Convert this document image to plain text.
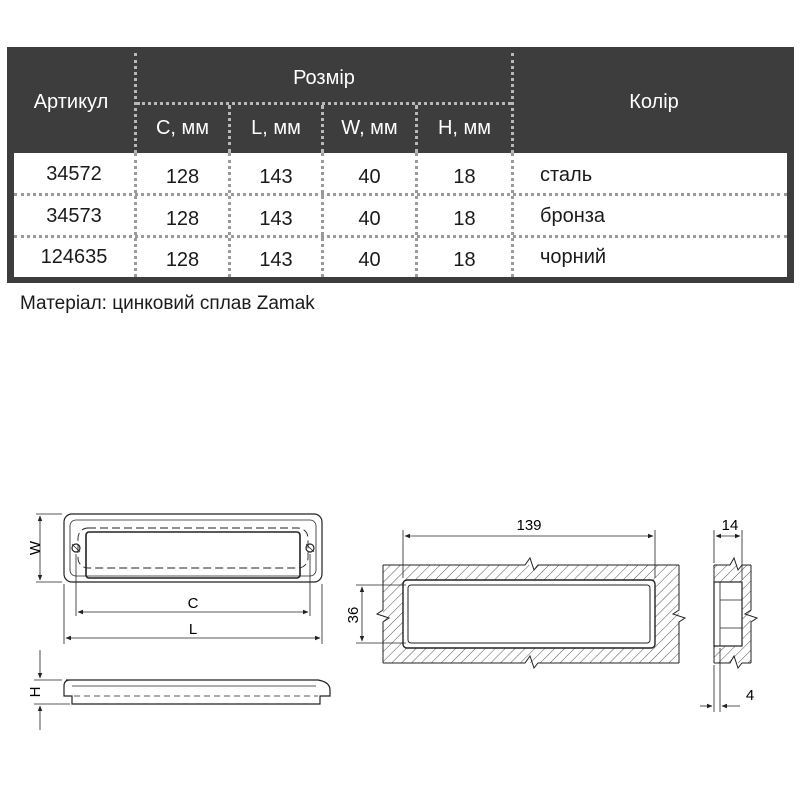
Артикул
Розмір
Колір
C, мм	L, мм	W, мм	H, мм
34572	128	143	40	18	сталь
34573	128	143	40	18	бронза
124635	128	143	40	18	чорний
Матеріал: цинковий сплав Zamak
W
C
L
H
139
36
14
4
